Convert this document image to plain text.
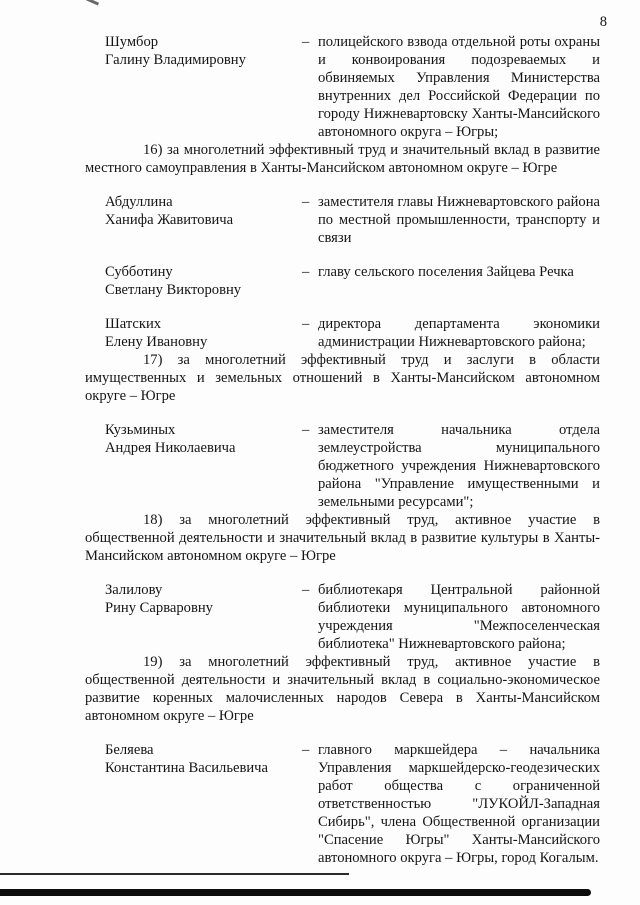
8
Шумбор
Галину Владимировну
– полицейского взвода отдельной роты охраны и конвоирования подозреваемых и обвиняемых Управления Министерства внутренних дел Российской Федерации по городу Нижневартовску Ханты-Мансийского автономного округа – Югры;

16) за многолетний эффективный труд и значительный вклад в развитие местного самоуправления в Ханты-Мансийском автономном округе – Югре

Абдуллина
Ханифа Жавитовича
– заместителя главы Нижневартовского района по местной промышленности, транспорту и связи
Субботину
Светлану Викторовну
– главу сельского поселения Зайцева Речка
Шатских
Елену Ивановну
– директора департамента экономики администрации Нижневартовского района;

17) за многолетний эффективный труд и заслуги в области имущественных и земельных отношений в Ханты-Мансийском автономном округе – Югре

Кузьминых
Андрея Николаевича
– заместителя начальника отдела землеустройства муниципального бюджетного учреждения Нижневартовского района "Управление имущественными и земельными ресурсами";

18) за многолетний эффективный труд, активное участие в общественной деятельности и значительный вклад в развитие культуры в Ханты-Мансийском автономном округе – Югре

Залилову
Рину Сарваровну
– библиотекаря Центральной районной библиотеки муниципального автономного учреждения "Межпоселенческая библиотека" Нижневартовского района;

19) за многолетний эффективный труд, активное участие в общественной деятельности и значительный вклад в социально-экономическое развитие коренных малочисленных народов Севера в Ханты-Мансийском автономном округе – Югре

Беляева
Константина Васильевича
– главного маркшейдера – начальника Управления маркшейдерско-геодезических работ общества с ограниченной ответственностью "ЛУКОЙЛ-Западная Сибирь", члена Общественной организации "Спасение Югры" Ханты-Мансийского автономного округа – Югры, город Когалым.
